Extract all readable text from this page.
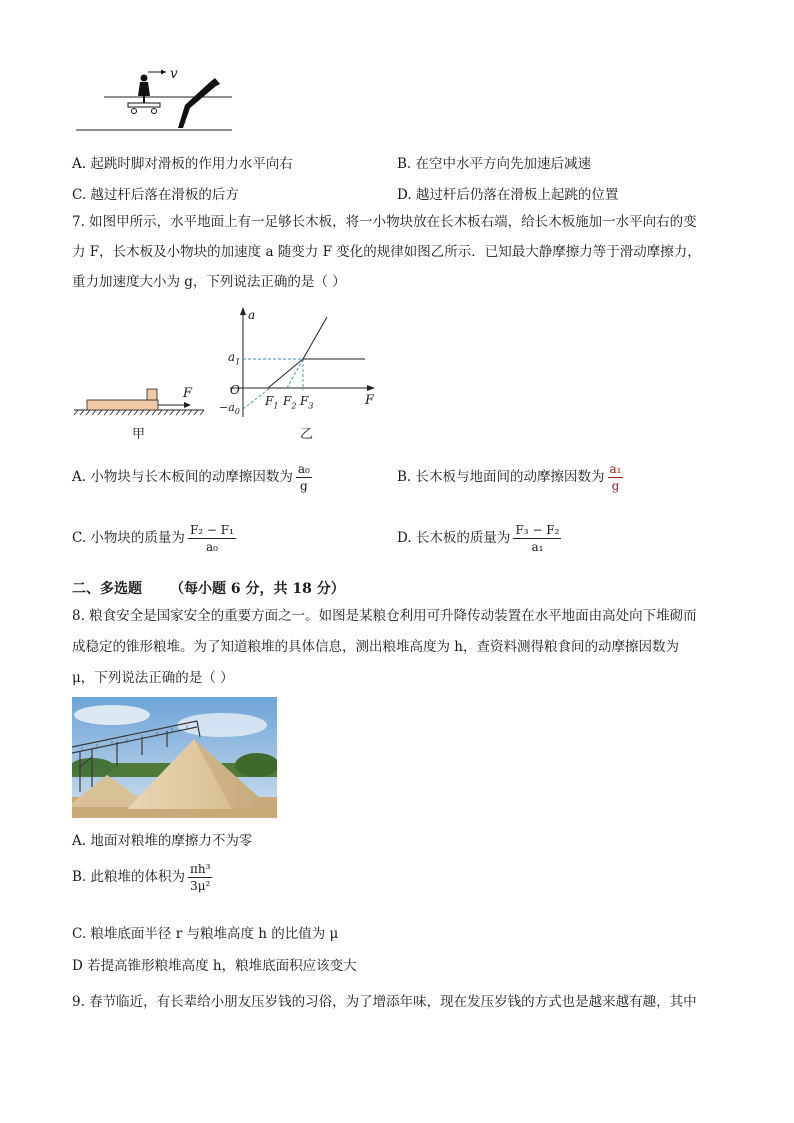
v
A. 起跳时脚对滑板的作用力水平向右	B. 在空中水平方向先加速后减速
C. 越过杆后落在滑板的后方	D. 越过杆后仍落在滑板上起跳的位置
7. 如图甲所示，水平地面上有一足够长木板，将一小物块放在长木板右端，给长木板施加一水平向右的变
力 F，长木板及小物块的加速度 a 随变力 F 变化的规律如图乙所示．已知最大静摩擦力等于滑动摩擦力，
重力加速度大小为 g，下列说法正确的是（ ）
F
甲
a
$a_1$
O
$-a_0$
$F_1$ $F_2$ $F_3$	F
乙
A. 小物块与长木板间的动摩擦因数为 $\frac{\text{a₀}}{g}$	B. 长木板与地面间的动摩擦因数为 $\frac{\text{a₁}}{g}$
C. 小物块的质量为 $\frac{\text{F₂ − F₁}}{\text{a₀}}$	D. 长木板的质量为 $\frac{\text{F₃ − F₂}}{\text{a₁}}$
二、多选题 （每小题 6 分，共 18 分）
8. 粮食安全是国家安全的重要方面之一。如图是某粮仓利用可升降传动装置在水平地面由高处向下堆砌而
成稳定的锥形粮堆。为了知道粮堆的具体信息，测出粮堆高度为 h，查资料测得粮食间的动摩擦因数为
μ，下列说法正确的是（ ）
A. 地面对粮堆的摩擦力不为零
B. 此粮堆的体积为 $\frac{\text{πh³}}{\text{3μ²}}$
C. 粮堆底面半径 r 与粮堆高度 h 的比值为 μ
D 若提高锥形粮堆高度 h，粮堆底面积应该变大
9. 春节临近，有长辈给小朋友压岁钱的习俗，为了增添年味，现在发压岁钱的方式也是越来越有趣，其中
